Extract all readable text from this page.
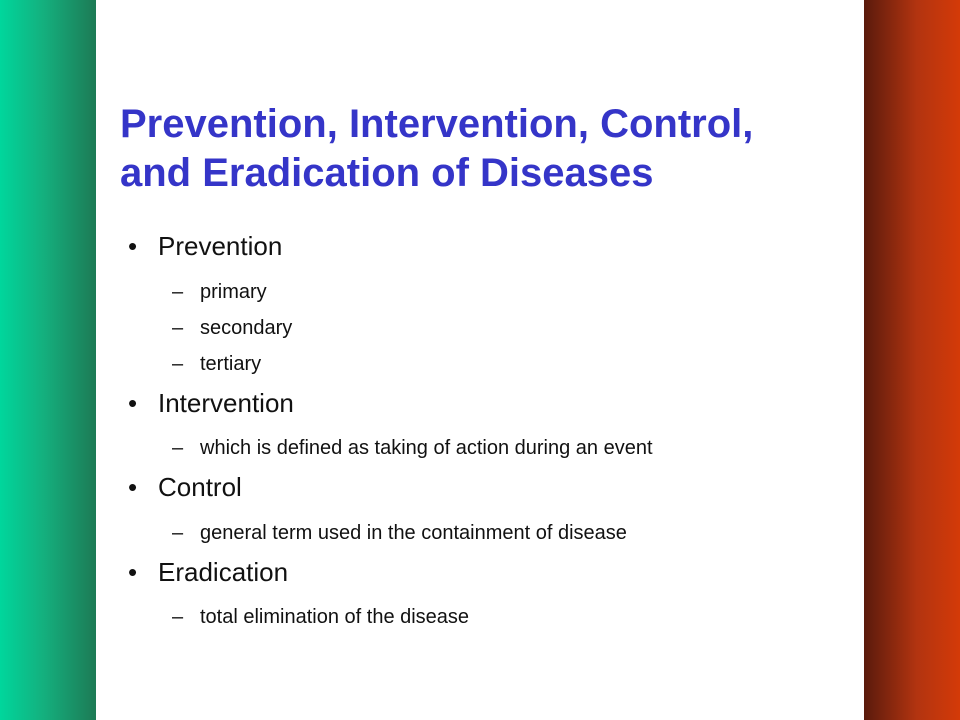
Prevention, Intervention, Control,
and Eradication of Diseases
• Prevention
– primary
– secondary
– tertiary
• Intervention
– which is defined as taking of action during an event
• Control
– general term used in the containment of disease
• Eradication
– total elimination of the disease
